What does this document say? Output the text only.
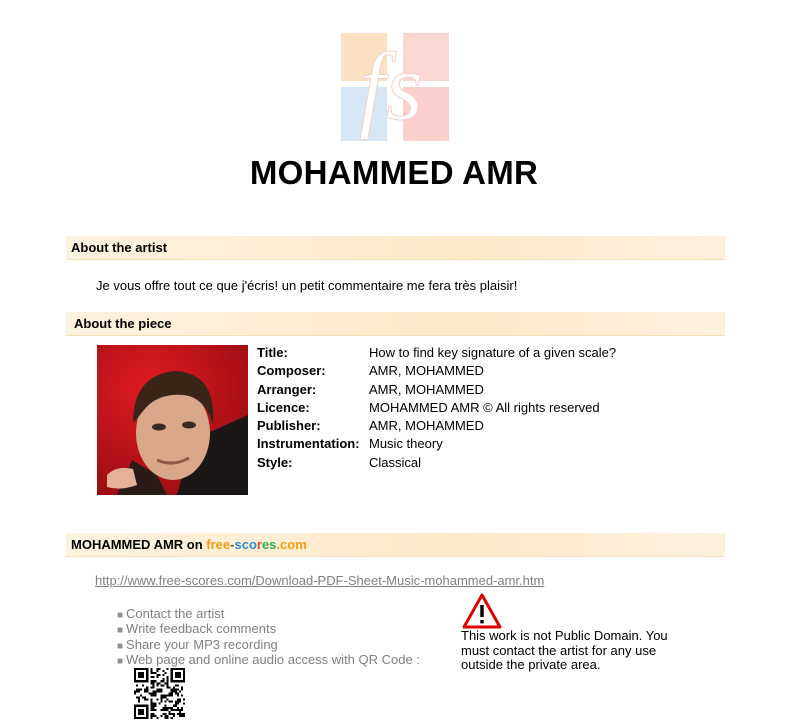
fs
MOHAMMED AMR
About the artist
Je vous offre tout ce que j'écris! un petit commentaire me fera très plaisir!
About the piece
Title:	How to find key signature of a given scale?
Composer:	AMR, MOHAMMED
Arranger:	AMR, MOHAMMED
Licence:	MOHAMMED AMR © All rights reserved
Publisher:	AMR, MOHAMMED
Instrumentation: Music theory
Style:	Classical
MOHAMMED AMR on free-scores.com
http://www.free-scores.com/Download-PDF-Sheet-Music-mohammed-amr.htm
■ Contact the artist
■ Write feedback comments
■ Share your MP3 recording
■ Web page and online audio access with QR Code :
This work is not Public Domain. You must contact the artist for any use outside the private area.
